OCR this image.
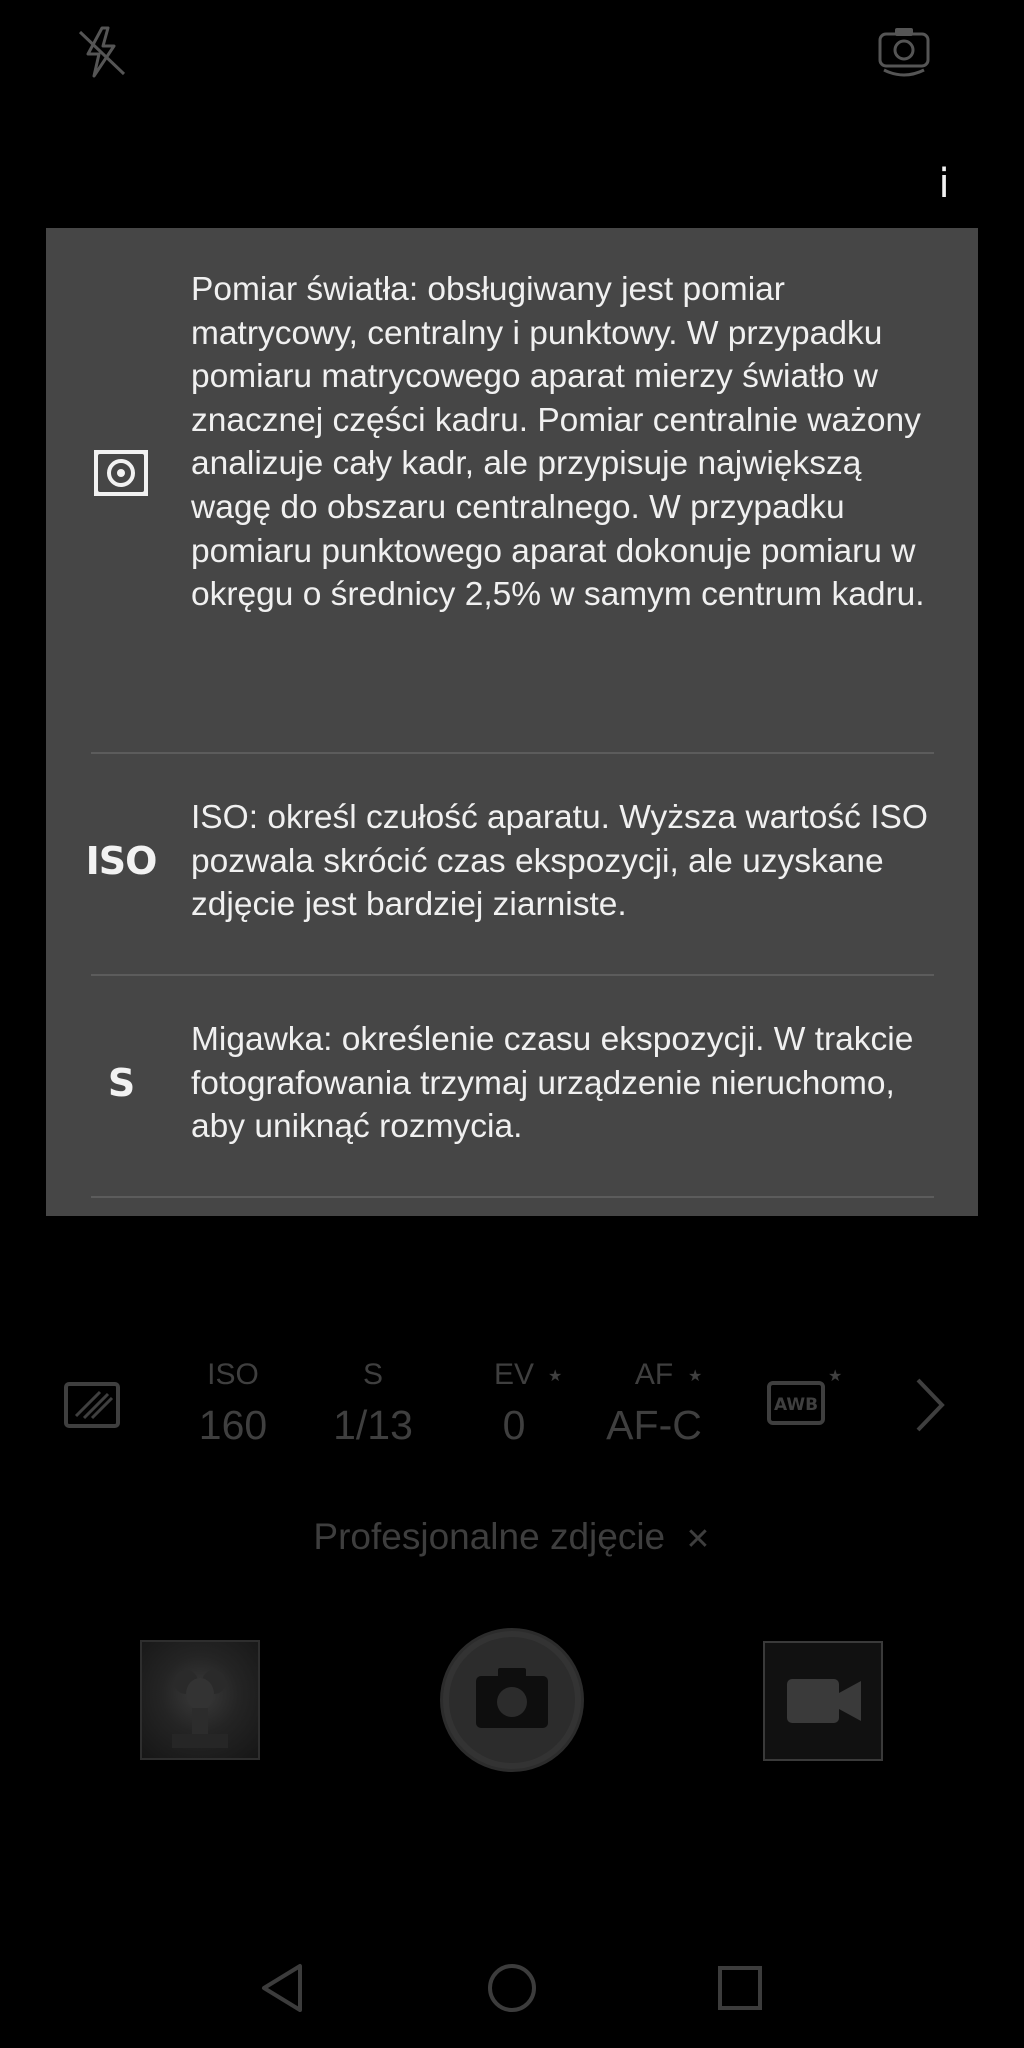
i

Pomiar światła: obsługiwany jest pomiar matrycowy, centralny i punktowy. W przypadku pomiaru matrycowego aparat mierzy światło w znacznej części kadru. Pomiar centralnie ważony analizuje cały kadr, ale przypisuje największą wagę do obszaru centralnego. W przypadku pomiaru punktowego aparat dokonuje pomiaru w okręgu o średnicy 2,5% w samym centrum kadru.

ISO

ISO: określ czułość aparatu. Wyższa wartość ISO pozwala skrócić czas ekspozycji, ale uzyskane zdjęcie jest bardziej ziarniste.

S

Migawka: określenie czasu ekspozycji. W trakcie fotografowania trzymaj urządzenie nieruchomo, aby uniknąć rozmycia.

ISO
160
S
1/13
EV
0
★	AF
AF-C
★
AWB
★
Profesjonalne zdjęcie ✕
